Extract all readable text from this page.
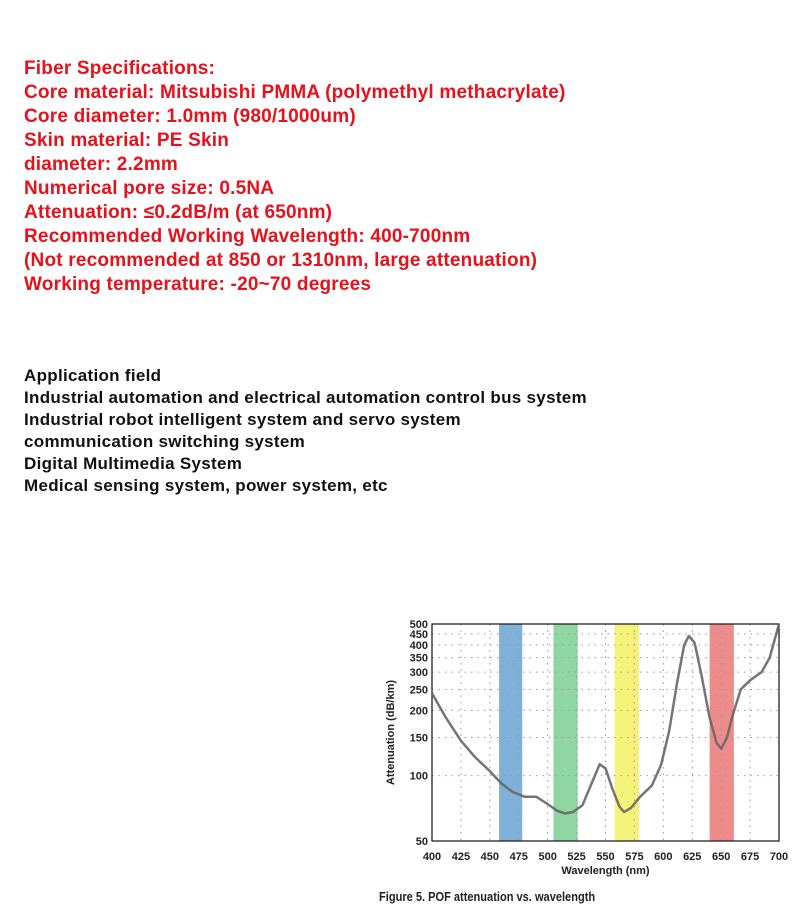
Fiber Specifications:
Core material: Mitsubishi PMMA (polymethyl methacrylate)
Core diameter: 1.0mm (980/1000um)
Skin material: PE Skin
diameter: 2.2mm
Numerical pore size: 0.5NA
Attenuation: ≤0.2dB/m (at 650nm)
Recommended Working Wavelength: 400-700nm
(Not recommended at 850 or 1310nm, large attenuation)
Working temperature: -20~70 degrees
Application field
Industrial automation and electrical automation control bus system
Industrial robot intelligent system and servo system
communication switching system
Digital Multimedia System
Medical sensing system, power system, etc
400 425 450 475 500 525 550 575 600 625 650 675 700
50
100
150
200
250
300
350
400
450
500
Wavelength (nm)
Attenuation (dB/km)
Figure 5. POF attenuation vs. wavelength
